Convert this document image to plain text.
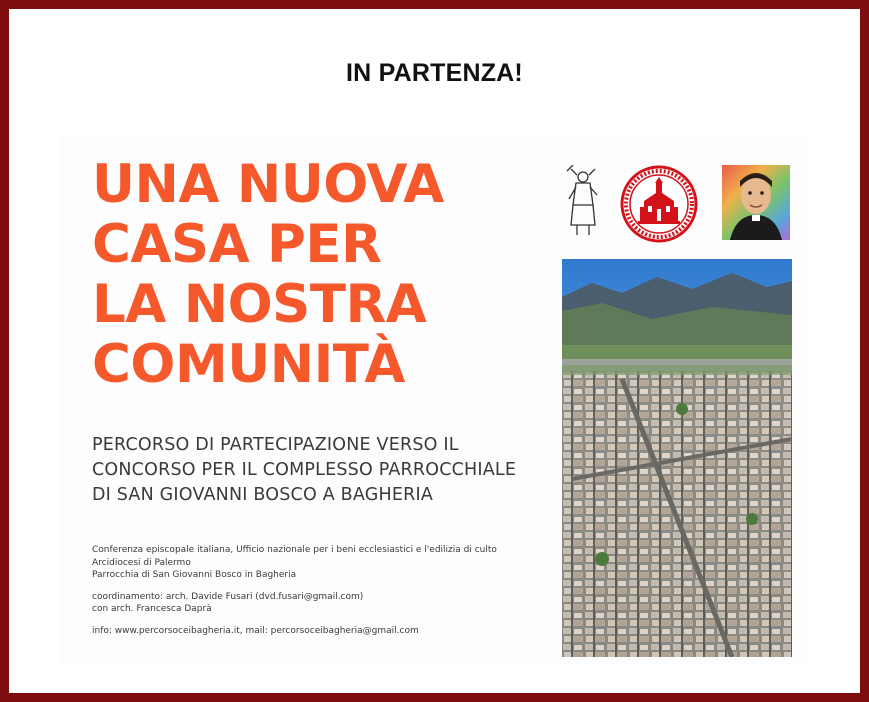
IN PARTENZA!
UNA NUOVA
CASA PER
LA NOSTRA
COMUNITÀ
PERCORSO DI PARTECIPAZIONE VERSO IL
CONCORSO PER IL COMPLESSO PARROCCHIALE
DI SAN GIOVANNI BOSCO A BAGHERIA
Conferenza episcopale italiana, Ufficio nazionale per i beni ecclesiastici e l'edilizia di culto
Arcidiocesi di Palermo
Parrocchia di San Giovanni Bosco in Bagheria
coordinamento: arch. Davide Fusari (dvd.fusari@gmail.com)
con arch. Francesca Daprà
info: www.percorsoceibagheria.it, mail: percorsoceibagheria@gmail.com
